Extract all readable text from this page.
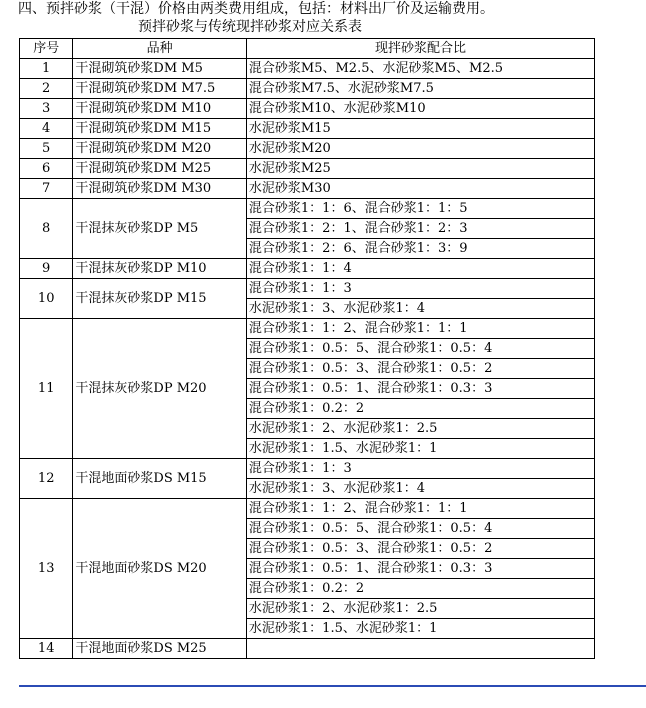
四、预拌砂浆（干混）价格由两类费用组成，包括：材料出厂价及运输费用。
预拌砂浆与传统现拌砂浆对应关系表
序号	品种	现拌砂浆配合比
1	干混砌筑砂浆DM M5	混合砂浆M5、M2.5、水泥砂浆M5、M2.5
2	干混砌筑砂浆DM M7.5	混合砂浆M7.5、水泥砂浆M7.5
3	干混砌筑砂浆DM M10	混合砂浆M10、水泥砂浆M10
4	干混砌筑砂浆DM M15	水泥砂浆M15
5	干混砌筑砂浆DM M20	水泥砂浆M20
6	干混砌筑砂浆DM M25	水泥砂浆M25
7	干混砌筑砂浆DM M30	水泥砂浆M30
8	干混抹灰砂浆DP M5	混合砂浆1：1：6、混合砂浆1：1：5
		混合砂浆1：2：1、混合砂浆1：2：3
		混合砂浆1：2：6、混合砂浆1：3：9
9	干混抹灰砂浆DP M10	混合砂浆1：1：4
10	干混抹灰砂浆DP M15	混合砂浆1：1：3
		水泥砂浆1：3、水泥砂浆1：4
11	干混抹灰砂浆DP M20	混合砂浆1：1：2、混合砂浆1：1：1
		混合砂浆1：0.5：5、混合砂浆1：0.5：4
		混合砂浆1：0.5：3、混合砂浆1：0.5：2
		混合砂浆1：0.5：1、混合砂浆1：0.3：3
		混合砂浆1：0.2：2
		水泥砂浆1：2、水泥砂浆1：2.5
		水泥砂浆1：1.5、水泥砂浆1：1
12	干混地面砂浆DS M15	混合砂浆1：1：3
		水泥砂浆1：3、水泥砂浆1：4
13	干混地面砂浆DS M20	混合砂浆1：1：2、混合砂浆1：1：1
		混合砂浆1：0.5：5、混合砂浆1：0.5：4
		混合砂浆1：0.5：3、混合砂浆1：0.5：2
		混合砂浆1：0.5：1、混合砂浆1：0.3：3
		混合砂浆1：0.2：2
		水泥砂浆1：2、水泥砂浆1：2.5
		水泥砂浆1：1.5、水泥砂浆1：1
14	干混地面砂浆DS M25	
